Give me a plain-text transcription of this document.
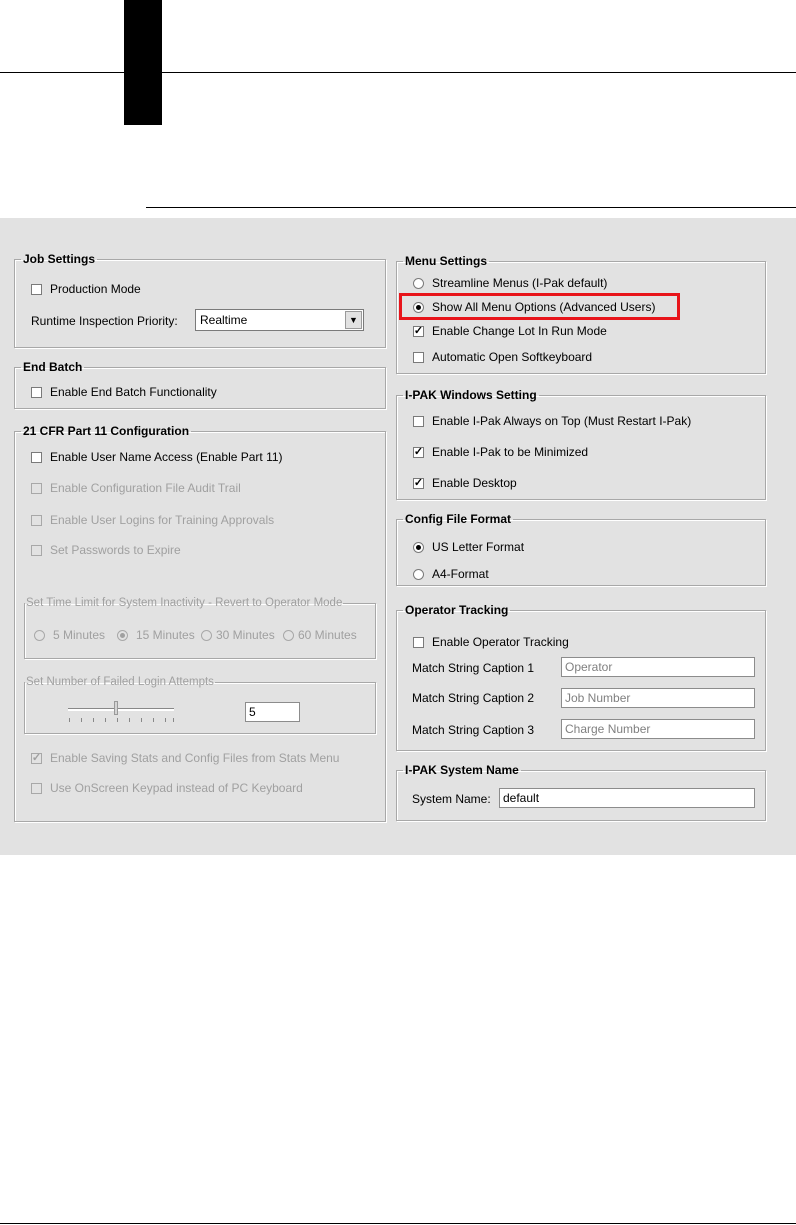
Job Settings
Production Mode
Runtime Inspection Priority: Realtime	▼
End Batch
Enable End Batch Functionality
21 CFR Part 11 Configuration
Enable User Name Access (Enable Part 11)
Enable Configuration File Audit Trail
Enable User Logins for Training Approvals
Set Passwords to Expire
Set Time Limit for System Inactivity - Revert to Operator Mode
5 Minutes	15 Minutes 30 Minutes 60 Minutes
Set Number of Failed Login Attempts
5
✓ Enable Saving Stats and Config Files from Stats Menu
Use OnScreen Keypad instead of PC Keyboard
Menu Settings
Streamline Menus (I-Pak default)
Show All Menu Options (Advanced Users)
✓ Enable Change Lot In Run Mode
Automatic Open Softkeyboard
I-PAK Windows Setting
Enable I-Pak Always on Top (Must Restart I-Pak)
✓ Enable I-Pak to be Minimized
✓ Enable Desktop
Config File Format
US Letter Format
A4-Format
Operator Tracking
Enable Operator Tracking
Match String Caption 1	Operator
Match String Caption 2	Job Number
Match String Caption 3	Charge Number
I-PAK System Name
System Name:	default
